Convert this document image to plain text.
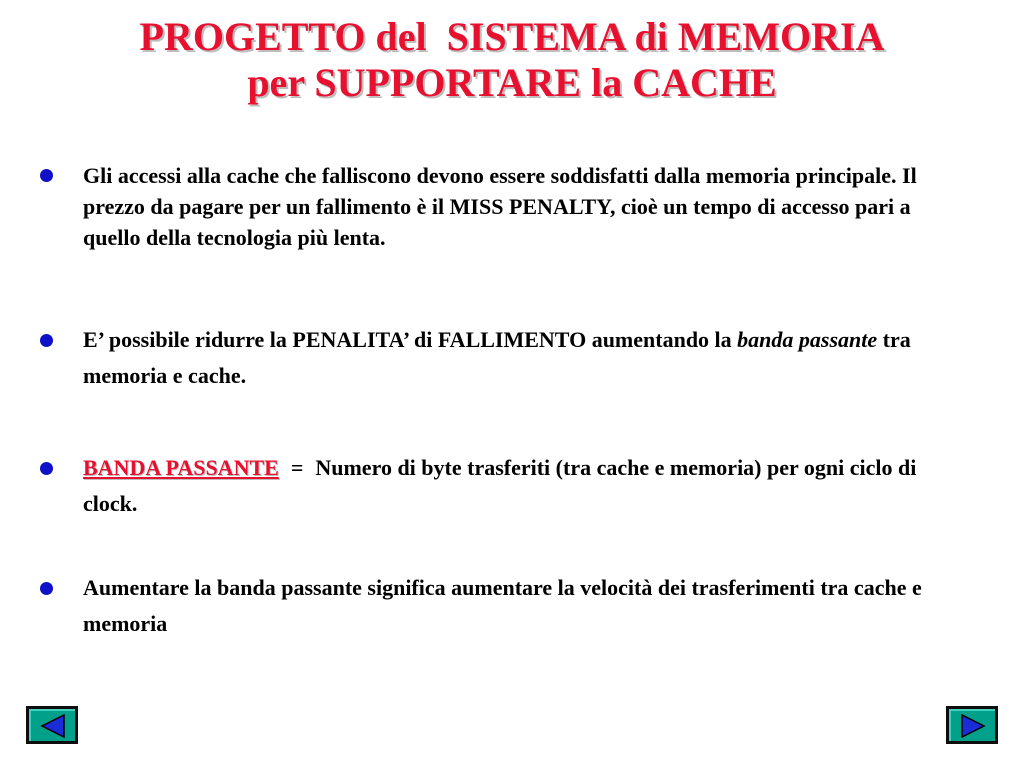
PROGETTO del  SISTEMA di MEMORIA
per SUPPORTARE la CACHE
Gli accessi alla cache che falliscono devono essere soddisfatti dalla memoria principale. Il prezzo da pagare per un fallimento è il MISS PENALTY, cioè un tempo di accesso pari a quello della tecnologia più lenta.
E’ possibile ridurre la PENALITA’ di FALLIMENTO aumentando la banda passante tra memoria e cache.
BANDA PASSANTE = Numero di byte trasferiti (tra cache e memoria) per ogni ciclo di clock.
Aumentare la banda passante significa aumentare la velocità dei trasferimenti tra cache e memoria
